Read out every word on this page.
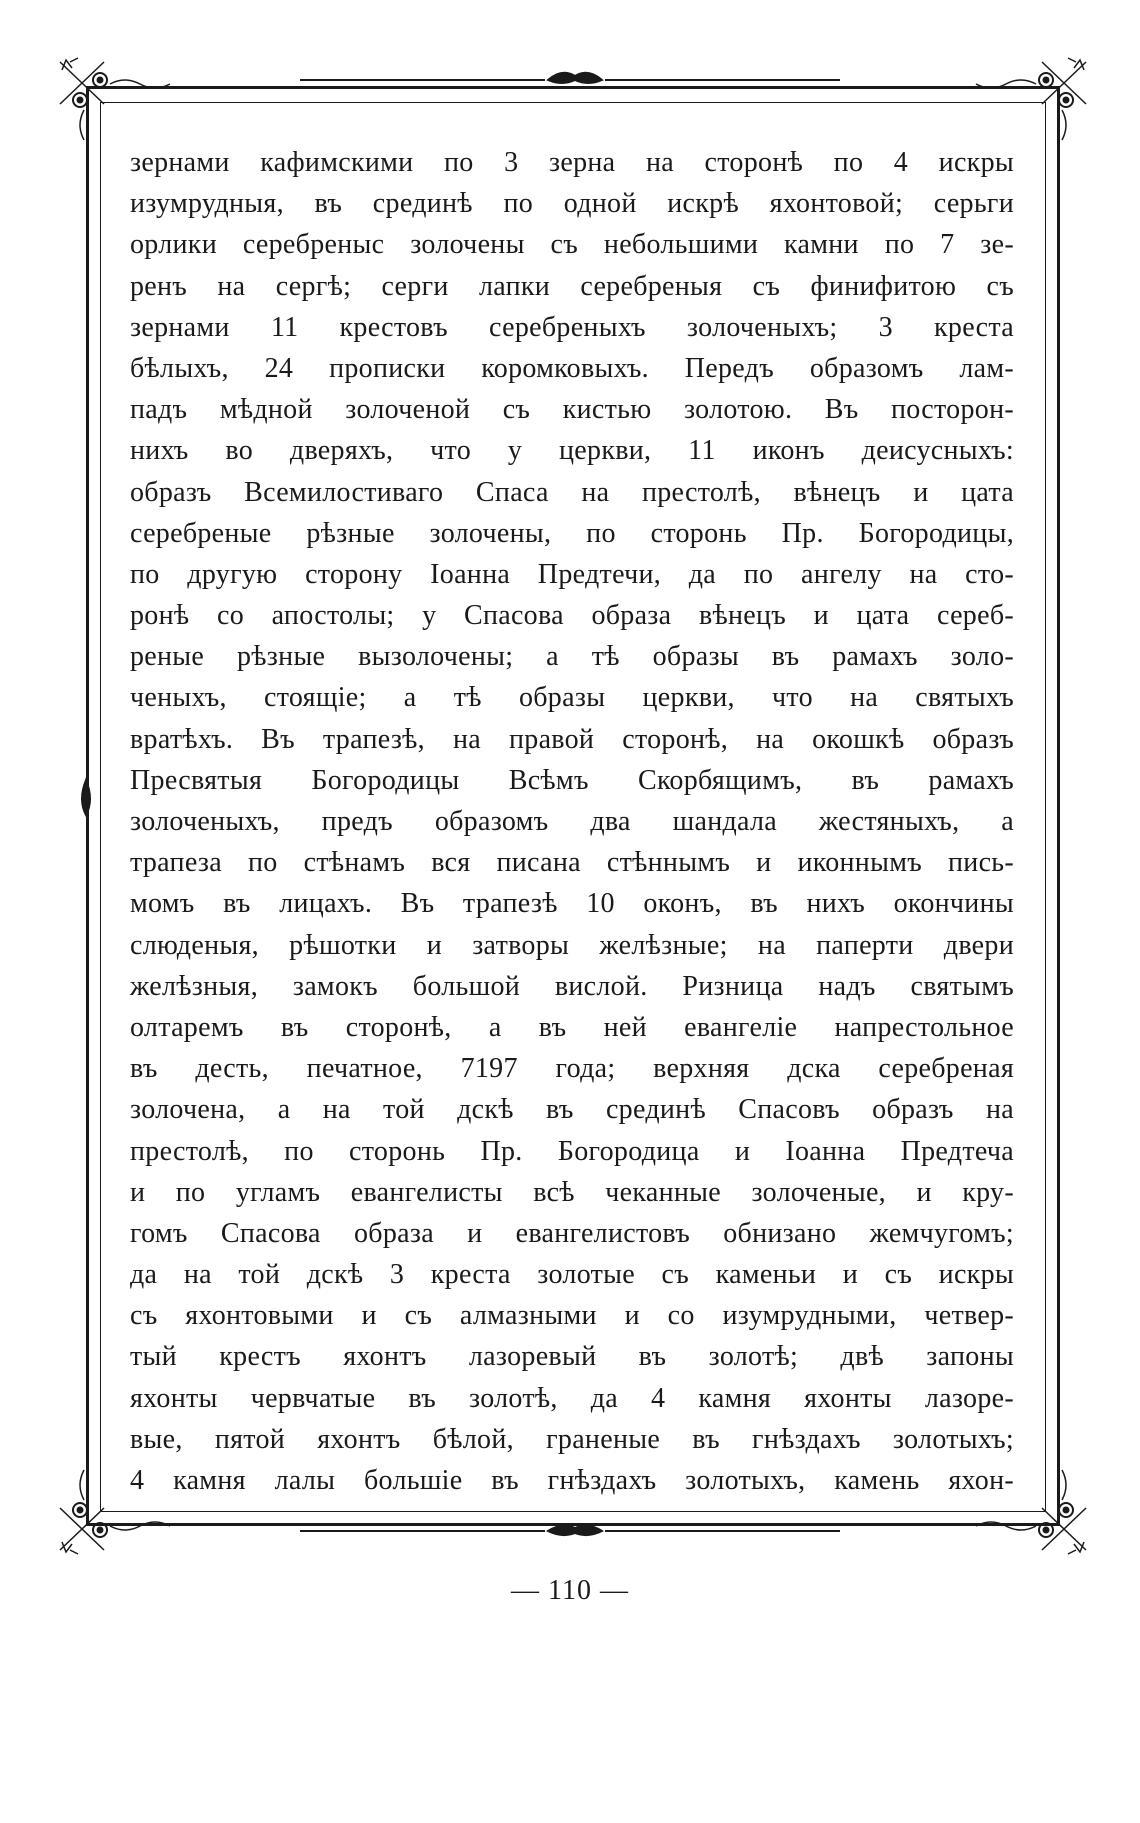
зернами кафимскими по 3 зерна на сторонѣ по 4 искры
изумрудныя, въ срединѣ по одной искрѣ яхонтовой; серьги
орлики серебреныс золочены съ небольшими камни по 7 зе-
ренъ на сергѣ; серги лапки серебреныя съ финифитою съ
зернами 11 крестовъ серебреныхъ золоченыхъ; 3 креста
бѣлыхъ, 24 прописки коромковыхъ. Передъ образомъ лам-
падъ мѣдной золоченой съ кистью золотою. Въ посторон-
нихъ во дверяхъ, что у церкви, 11 иконъ деисусныхъ:
образъ Всемилостиваго Спаса на престолѣ, вѣнецъ и цата
серебреные рѣзные золочены, по сторонь Пр. Богородицы,
по другую сторону Іоанна Предтечи, да по ангелу на сто-
ронѣ со апостолы; у Спасова образа вѣнецъ и цата сереб-
реные рѣзные вызолочены; а тѣ образы въ рамахъ золо-
ченыхъ, стоящіе; а тѣ образы церкви, что на святыхъ
вратѣхъ. Въ трапезѣ, на правой сторонѣ, на окошкѣ образъ
Пресвятыя Богородицы Всѣмъ Скорбящимъ, въ рамахъ
золоченыхъ, предъ образомъ два шандала жестяныхъ, а
трапеза по стѣнамъ вся писана стѣннымъ и иконнымъ пись-
момъ въ лицахъ. Въ трапезѣ 10 оконъ, въ нихъ окончины
слюденыя, рѣшотки и затворы желѣзные; на паперти двери
желѣзныя, замокъ большой вислой. Ризница надъ святымъ
олтаремъ въ сторонѣ, а въ ней евангеліе напрестольное
въ десть, печатное, 7197 года; верхняя дска серебреная
золочена, а на той дскѣ въ срединѣ Спасовъ образъ на
престолѣ, по сторонь Пр. Богородица и Іоанна Предтеча
и по угламъ евангелисты всѣ чеканные золоченые, и кру-
гомъ Спасова образа и евангелистовъ обнизано жемчугомъ;
да на той дскѣ 3 креста золотые съ каменьи и съ искры
съ яхонтовыми и съ алмазными и со изумрудными, четвер-
тый крестъ яхонтъ лазоревый въ золотѣ; двѣ запоны
яхонты червчатые въ золотѣ, да 4 камня яхонты лазоре-
вые, пятой яхонтъ бѣлой, граненые въ гнѣздахъ золотыхъ;
4 камня лалы большіе въ гнѣздахъ золотыхъ, камень яхон-
— 110 —
